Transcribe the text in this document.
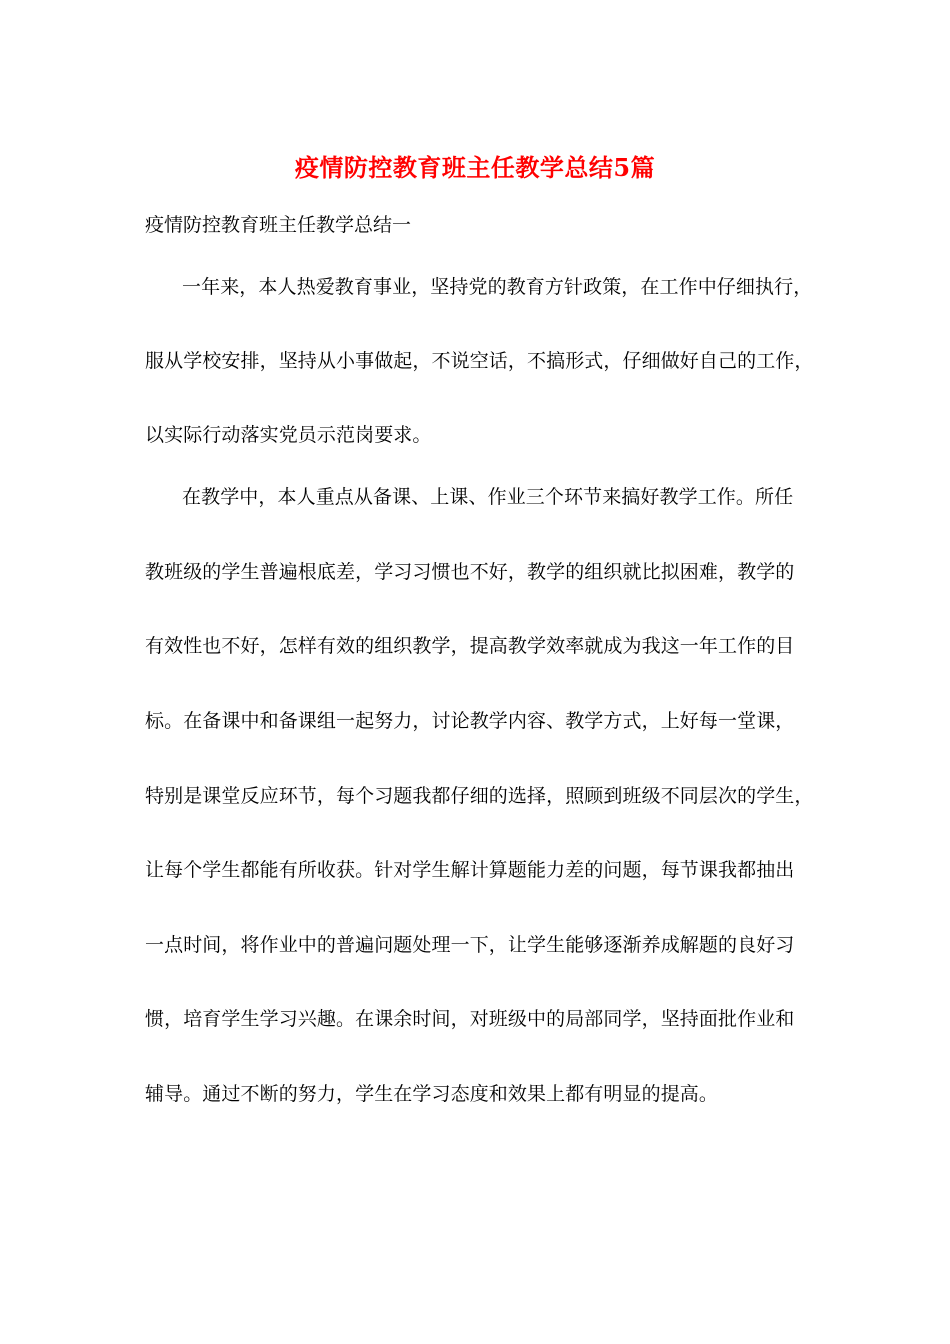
疫情防控教育班主任教学总结5篇
疫情防控教育班主任教学总结一
一年来，本人热爱教育事业，坚持党的教育方针政策，在工作中仔细执行，
服从学校安排，坚持从小事做起，不说空话，不搞形式，仔细做好自己的工作，
以实际行动落实党员示范岗要求。
在教学中，本人重点从备课、上课、作业三个环节来搞好教学工作。所任
教班级的学生普遍根底差，学习习惯也不好，教学的组织就比拟困难，教学的
有效性也不好，怎样有效的组织教学，提高教学效率就成为我这一年工作的目
标。在备课中和备课组一起努力，讨论教学内容、教学方式，上好每一堂课，
特别是课堂反应环节，每个习题我都仔细的选择，照顾到班级不同层次的学生，
让每个学生都能有所收获。针对学生解计算题能力差的问题，每节课我都抽出
一点时间，将作业中的普遍问题处理一下，让学生能够逐渐养成解题的良好习
惯，培育学生学习兴趣。在课余时间，对班级中的局部同学，坚持面批作业和
辅导。通过不断的努力，学生在学习态度和效果上都有明显的提高。
